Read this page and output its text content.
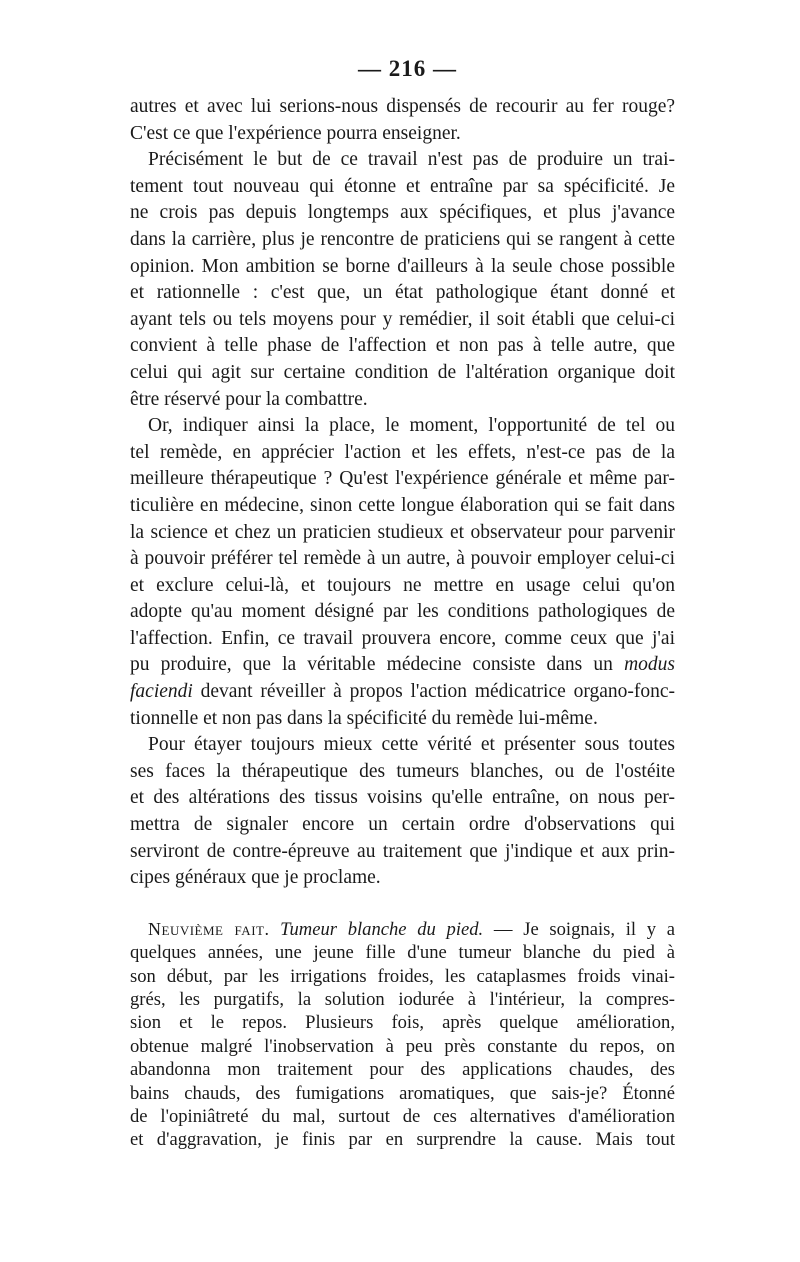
— 216 —
autres et avec lui serions-nous dispensés de recourir au fer rouge?
C'est ce que l'expérience pourra enseigner.
Précisément le but de ce travail n'est pas de produire un trai-
tement tout nouveau qui étonne et entraîne par sa spécificité. Je
ne crois pas depuis longtemps aux spécifiques, et plus j'avance
dans la carrière, plus je rencontre de praticiens qui se rangent à cette
opinion. Mon ambition se borne d'ailleurs à la seule chose possible
et rationnelle : c'est que, un état pathologique étant donné et
ayant tels ou tels moyens pour y remédier, il soit établi que celui-ci
convient à telle phase de l'affection et non pas à telle autre, que
celui qui agit sur certaine condition de l'altération organique doit
être réservé pour la combattre.
Or, indiquer ainsi la place, le moment, l'opportunité de tel ou
tel remède, en apprécier l'action et les effets, n'est-ce pas de la
meilleure thérapeutique ? Qu'est l'expérience générale et même par-
ticulière en médecine, sinon cette longue élaboration qui se fait dans
la science et chez un praticien studieux et observateur pour parvenir
à pouvoir préférer tel remède à un autre, à pouvoir employer celui-ci
et exclure celui-là, et toujours ne mettre en usage celui qu'on
adopte qu'au moment désigné par les conditions pathologiques de
l'affection. Enfin, ce travail prouvera encore, comme ceux que j'ai
pu produire, que la véritable médecine consiste dans un modus
faciendi devant réveiller à propos l'action médicatrice organo-fonc-
tionnelle et non pas dans la spécificité du remède lui-même.
Pour étayer toujours mieux cette vérité et présenter sous toutes
ses faces la thérapeutique des tumeurs blanches, ou de l'ostéite
et des altérations des tissus voisins qu'elle entraîne, on nous per-
mettra de signaler encore un certain ordre d'observations qui
serviront de contre-épreuve au traitement que j'indique et aux prin-
cipes généraux que je proclame.
Neuvième fait. Tumeur blanche du pied. — Je soignais, il y a
quelques années, une jeune fille d'une tumeur blanche du pied à
son début, par les irrigations froides, les cataplasmes froids vinai-
grés, les purgatifs, la solution iodurée à l'intérieur, la compres-
sion et le repos. Plusieurs fois, après quelque amélioration,
obtenue malgré l'inobservation à peu près constante du repos, on
abandonna mon traitement pour des applications chaudes, des
bains chauds, des fumigations aromatiques, que sais-je? Étonné
de l'opiniâtreté du mal, surtout de ces alternatives d'amélioration
et d'aggravation, je finis par en surprendre la cause. Mais tout
